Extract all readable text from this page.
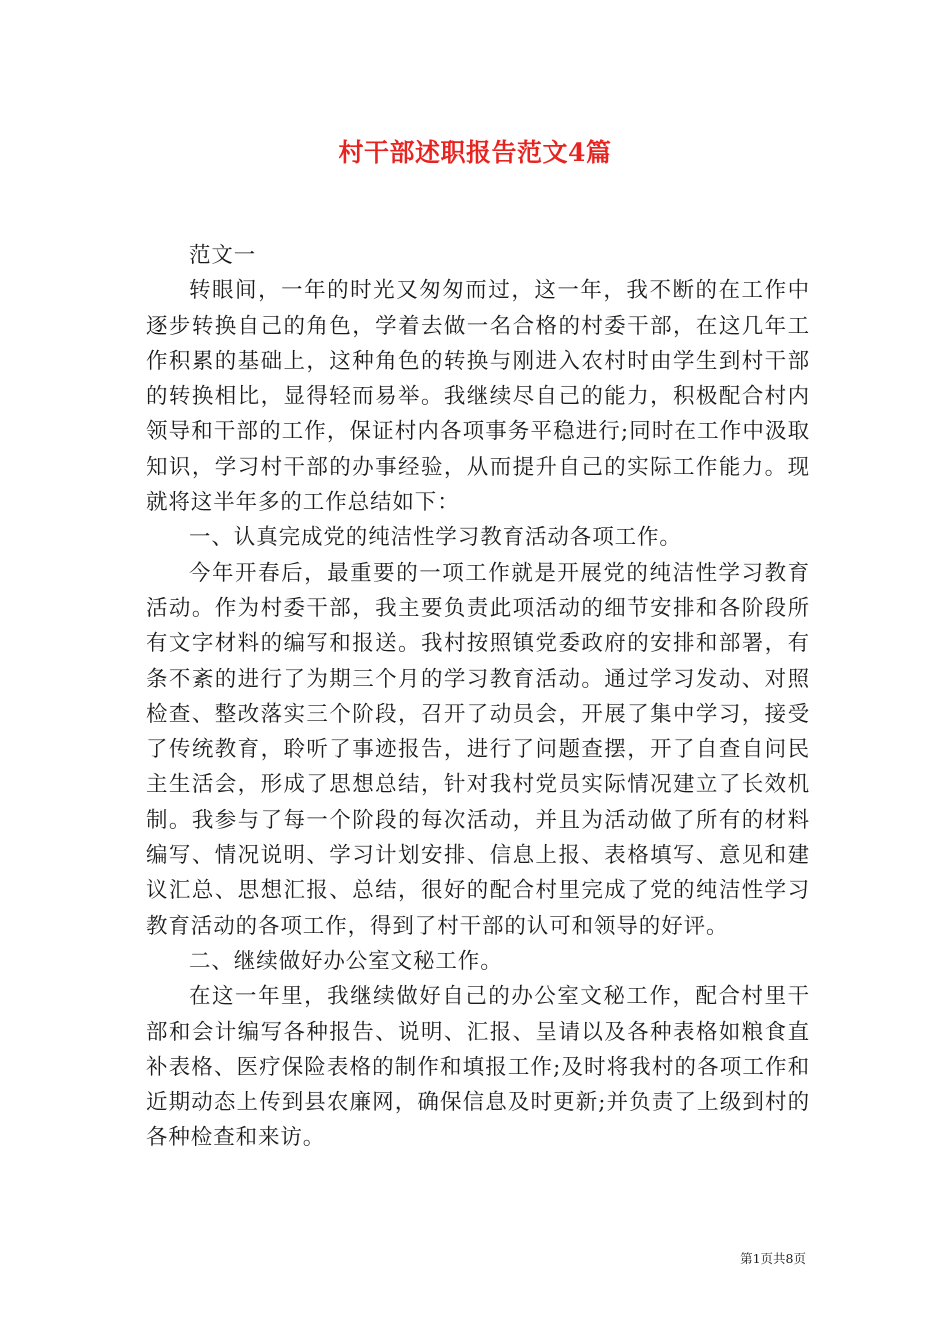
村干部述职报告范文4篇

范文一

转眼间，一年的时光又匆匆而过，这一年，我不断的在工作中逐步转换自己的角色，学着去做一名合格的村委干部，在这几年工作积累的基础上，这种角色的转换与刚进入农村时由学生到村干部的转换相比，显得轻而易举。我继续尽自己的能力，积极配合村内领导和干部的工作，保证村内各项事务平稳进行;同时在工作中汲取知识，学习村干部的办事经验，从而提升自己的实际工作能力。现就将这半年多的工作总结如下：

一、认真完成党的纯洁性学习教育活动各项工作。

今年开春后，最重要的一项工作就是开展党的纯洁性学习教育活动。作为村委干部，我主要负责此项活动的细节安排和各阶段所有文字材料的编写和报送。我村按照镇党委政府的安排和部署，有条不紊的进行了为期三个月的学习教育活动。通过学习发动、对照检查、整改落实三个阶段，召开了动员会，开展了集中学习，接受了传统教育，聆听了事迹报告，进行了问题查摆，开了自查自问民主生活会，形成了思想总结，针对我村党员实际情况建立了长效机制。我参与了每一个阶段的每次活动，并且为活动做了所有的材料编写、情况说明、学习计划安排、信息上报、表格填写、意见和建议汇总、思想汇报、总结，很好的配合村里完成了党的纯洁性学习教育活动的各项工作，得到了村干部的认可和领导的好评。

二、继续做好办公室文秘工作。

在这一年里，我继续做好自己的办公室文秘工作，配合村里干部和会计编写各种报告、说明、汇报、呈请以及各种表格如粮食直补表格、医疗保险表格的制作和填报工作;及时将我村的各项工作和近期动态上传到县农廉网，确保信息及时更新;并负责了上级到村的各种检查和来访。

第1页共8页
